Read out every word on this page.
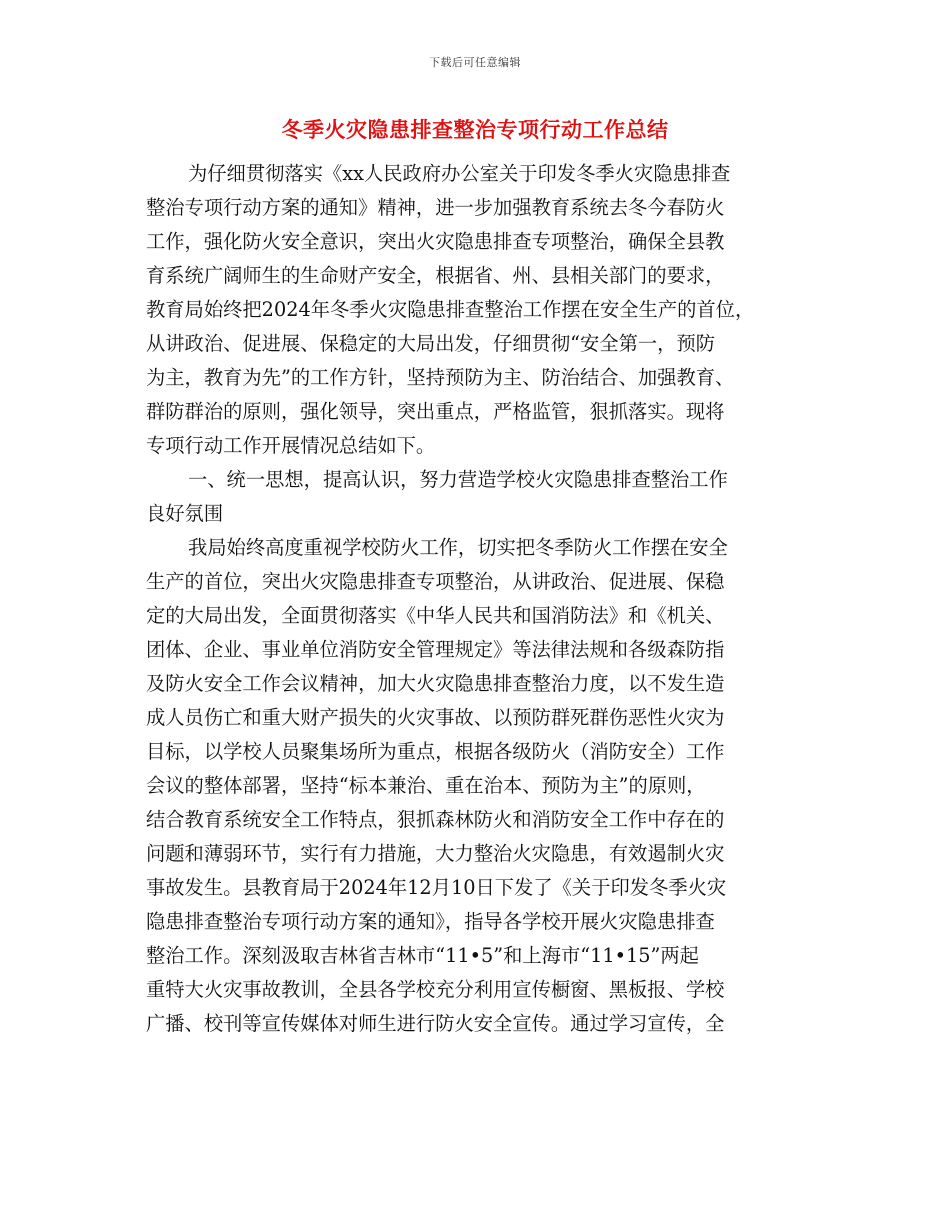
下载后可任意编辑
冬季火灾隐患排查整治专项行动工作总结
为仔细贯彻落实《xx人民政府办公室关于印发冬季火灾隐患排查
整治专项行动方案的通知》精神，进一步加强教育系统去冬今春防火
工作，强化防火安全意识，突出火灾隐患排查专项整治，确保全县教
育系统广阔师生的生命财产安全，根据省、州、县相关部门的要求，
教育局始终把2024年冬季火灾隐患排查整治工作摆在安全生产的首位，
从讲政治、促进展、保稳定的大局出发，仔细贯彻“安全第一，预防
为主，教育为先”的工作方针，坚持预防为主、防治结合、加强教育、
群防群治的原则，强化领导，突出重点，严格监管，狠抓落实。现将
专项行动工作开展情况总结如下。
一、统一思想，提高认识，努力营造学校火灾隐患排查整治工作
良好氛围
我局始终高度重视学校防火工作，切实把冬季防火工作摆在安全
生产的首位，突出火灾隐患排查专项整治，从讲政治、促进展、保稳
定的大局出发，全面贯彻落实《中华人民共和国消防法》和《机关、
团体、企业、事业单位消防安全管理规定》等法律法规和各级森防指
及防火安全工作会议精神，加大火灾隐患排查整治力度，以不发生造
成人员伤亡和重大财产损失的火灾事故、以预防群死群伤恶性火灾为
目标，以学校人员聚集场所为重点，根据各级防火（消防安全）工作
会议的整体部署，坚持“标本兼治、重在治本、预防为主”的原则，
结合教育系统安全工作特点，狠抓森林防火和消防安全工作中存在的
问题和薄弱环节，实行有力措施，大力整治火灾隐患，有效遏制火灾
事故发生。县教育局于2024年12月10日下发了《关于印发冬季火灾
隐患排查整治专项行动方案的通知》，指导各学校开展火灾隐患排查
整治工作。深刻汲取吉林省吉林市“11•5”和上海市“11•15”两起
重特大火灾事故教训，全县各学校充分利用宣传橱窗、黑板报、学校
广播、校刊等宣传媒体对师生进行防火安全宣传。通过学习宣传，全
